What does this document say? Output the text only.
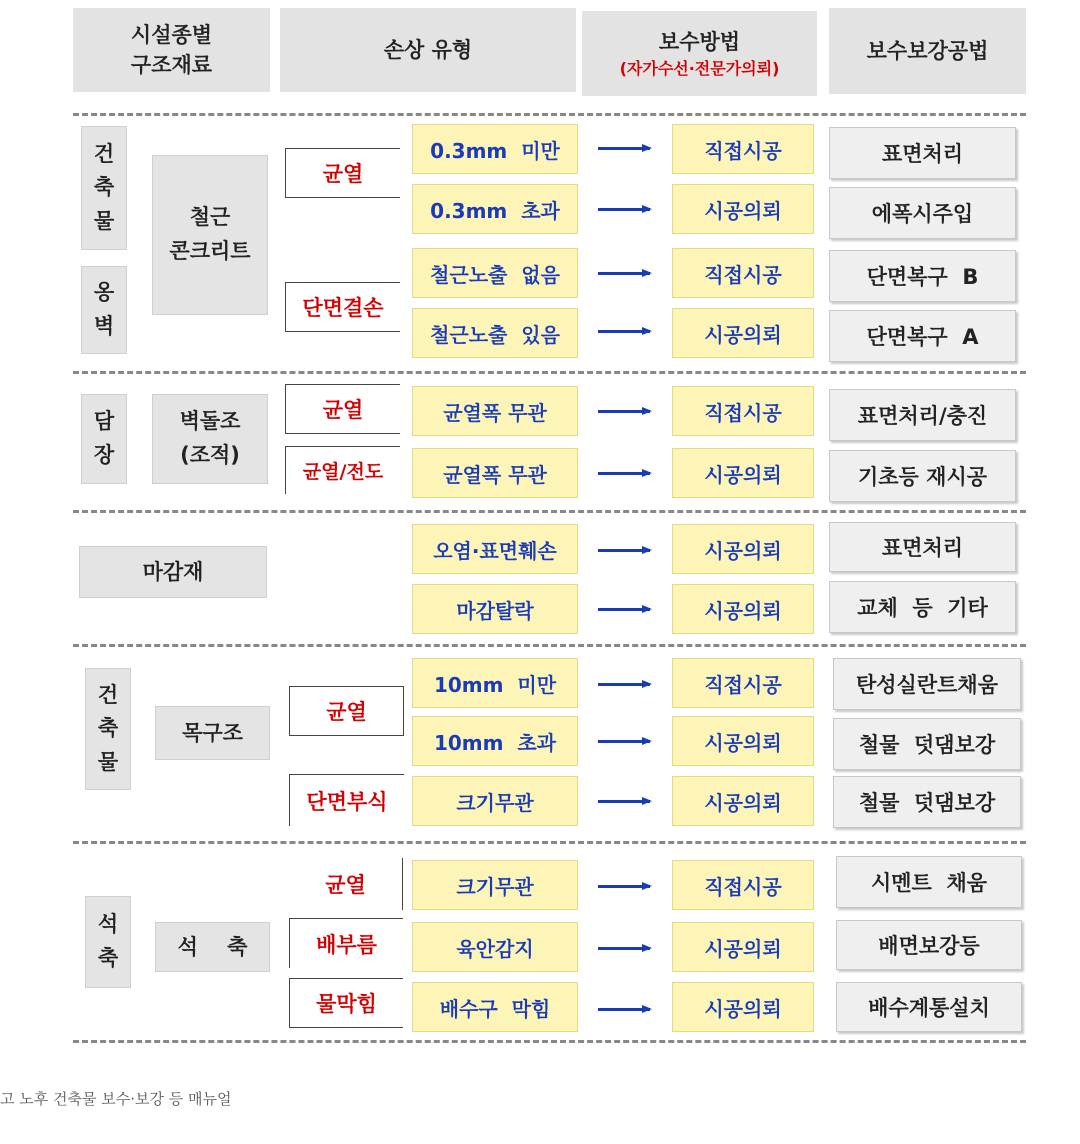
시설종별
구조재료
손상 유형	보수방법
(자가수선·전문가의뢰)
보수보강공법
건
축
물
옹
벽
철근
콘크리트
균열
단면결손
담
장
벽돌조
(조적)
균열
균열/전도
마감재
건
축
물
목구조
균열
단면부식
석
축	석    축
균열
배부름
물막힘
0.3mm  미만
0.3mm  초과
철근노출  없음
철근노출  있음
균열폭 무관
균열폭 무관
오염·표면훼손
마감탈락
10mm  미만
10mm  초과
크기무관
크기무관
육안감지
배수구  막힘
직접시공
시공의뢰
직접시공
시공의뢰
직접시공
시공의뢰
시공의뢰
시공의뢰
직접시공
시공의뢰
시공의뢰
직접시공
시공의뢰
시공의뢰
표면처리
에폭시주입
단면복구  B
단면복구  A
표면처리/충진
기초등 재시공
표면처리
교체  등  기타
탄성실란트채움
철물  덧댐보강
철물  덧댐보강
시멘트  채움
배면보강등
배수계통설치
고 노후 건축물 보수·보강 등 매뉴얼
